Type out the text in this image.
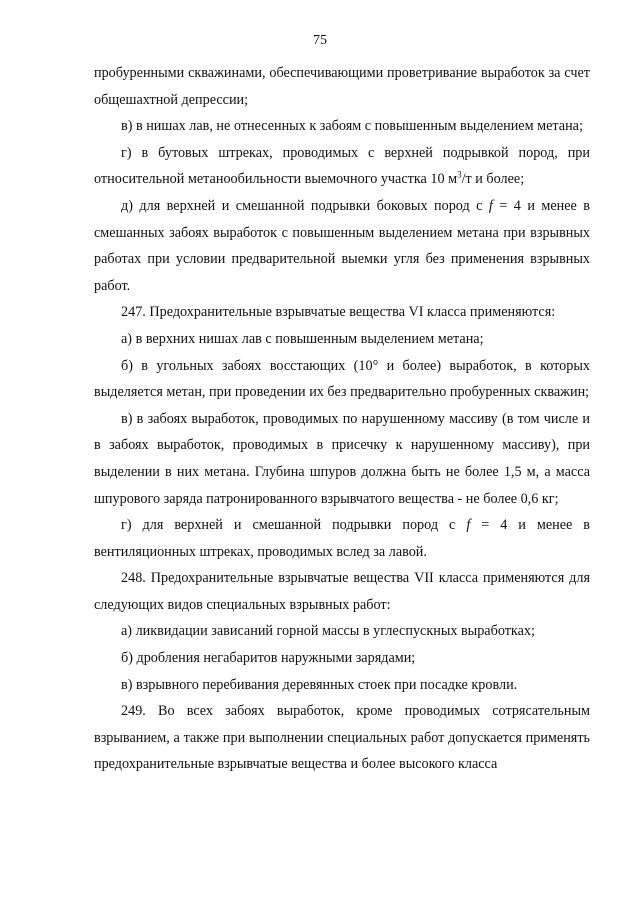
75

пробуренными скважинами, обеспечивающими проветривание выработок за счет общешахтной депрессии;

в) в нишах лав, не отнесенных к забоям с повышенным выделением метана;

г) в бутовых штреках, проводимых с верхней подрывкой пород, при относительной метанообильности выемочного участка 10 $м^3/т$ и более;

д) для верхней и смешанной подрывки боковых пород с f = 4 и менее в смешанных забоях выработок с повышенным выделением метана при взрывных работах при условии предварительной выемки угля без применения взрывных работ.

247. Предохранительные взрывчатые вещества VI класса применяются:

а) в верхних нишах лав с повышенным выделением метана;

б) в угольных забоях восстающих (10° и более) выработок, в которых выделяется метан, при проведении их без предварительно пробуренных скважин;

в) в забоях выработок, проводимых по нарушенному массиву (в том числе и в забоях выработок, проводимых в присечку к нарушенному массиву), при выделении в них метана. Глубина шпуров должна быть не более 1,5 м, а масса шпурового заряда патронированного взрывчатого вещества - не более 0,6 кг;

г) для верхней и смешанной подрывки пород с f = 4 и менее в вентиляционных штреках, проводимых вслед за лавой.

248. Предохранительные взрывчатые вещества VII класса применяются для следующих видов специальных взрывных работ:

а) ликвидации зависаний горной массы в углеспускных выработках;

б) дробления негабаритов наружными зарядами;

в) взрывного перебивания деревянных стоек при посадке кровли.

249. Во всех забоях выработок, кроме проводимых сотрясательным взрыванием, а также при выполнении специальных работ допускается применять предохранительные взрывчатые вещества и более высокого класса
